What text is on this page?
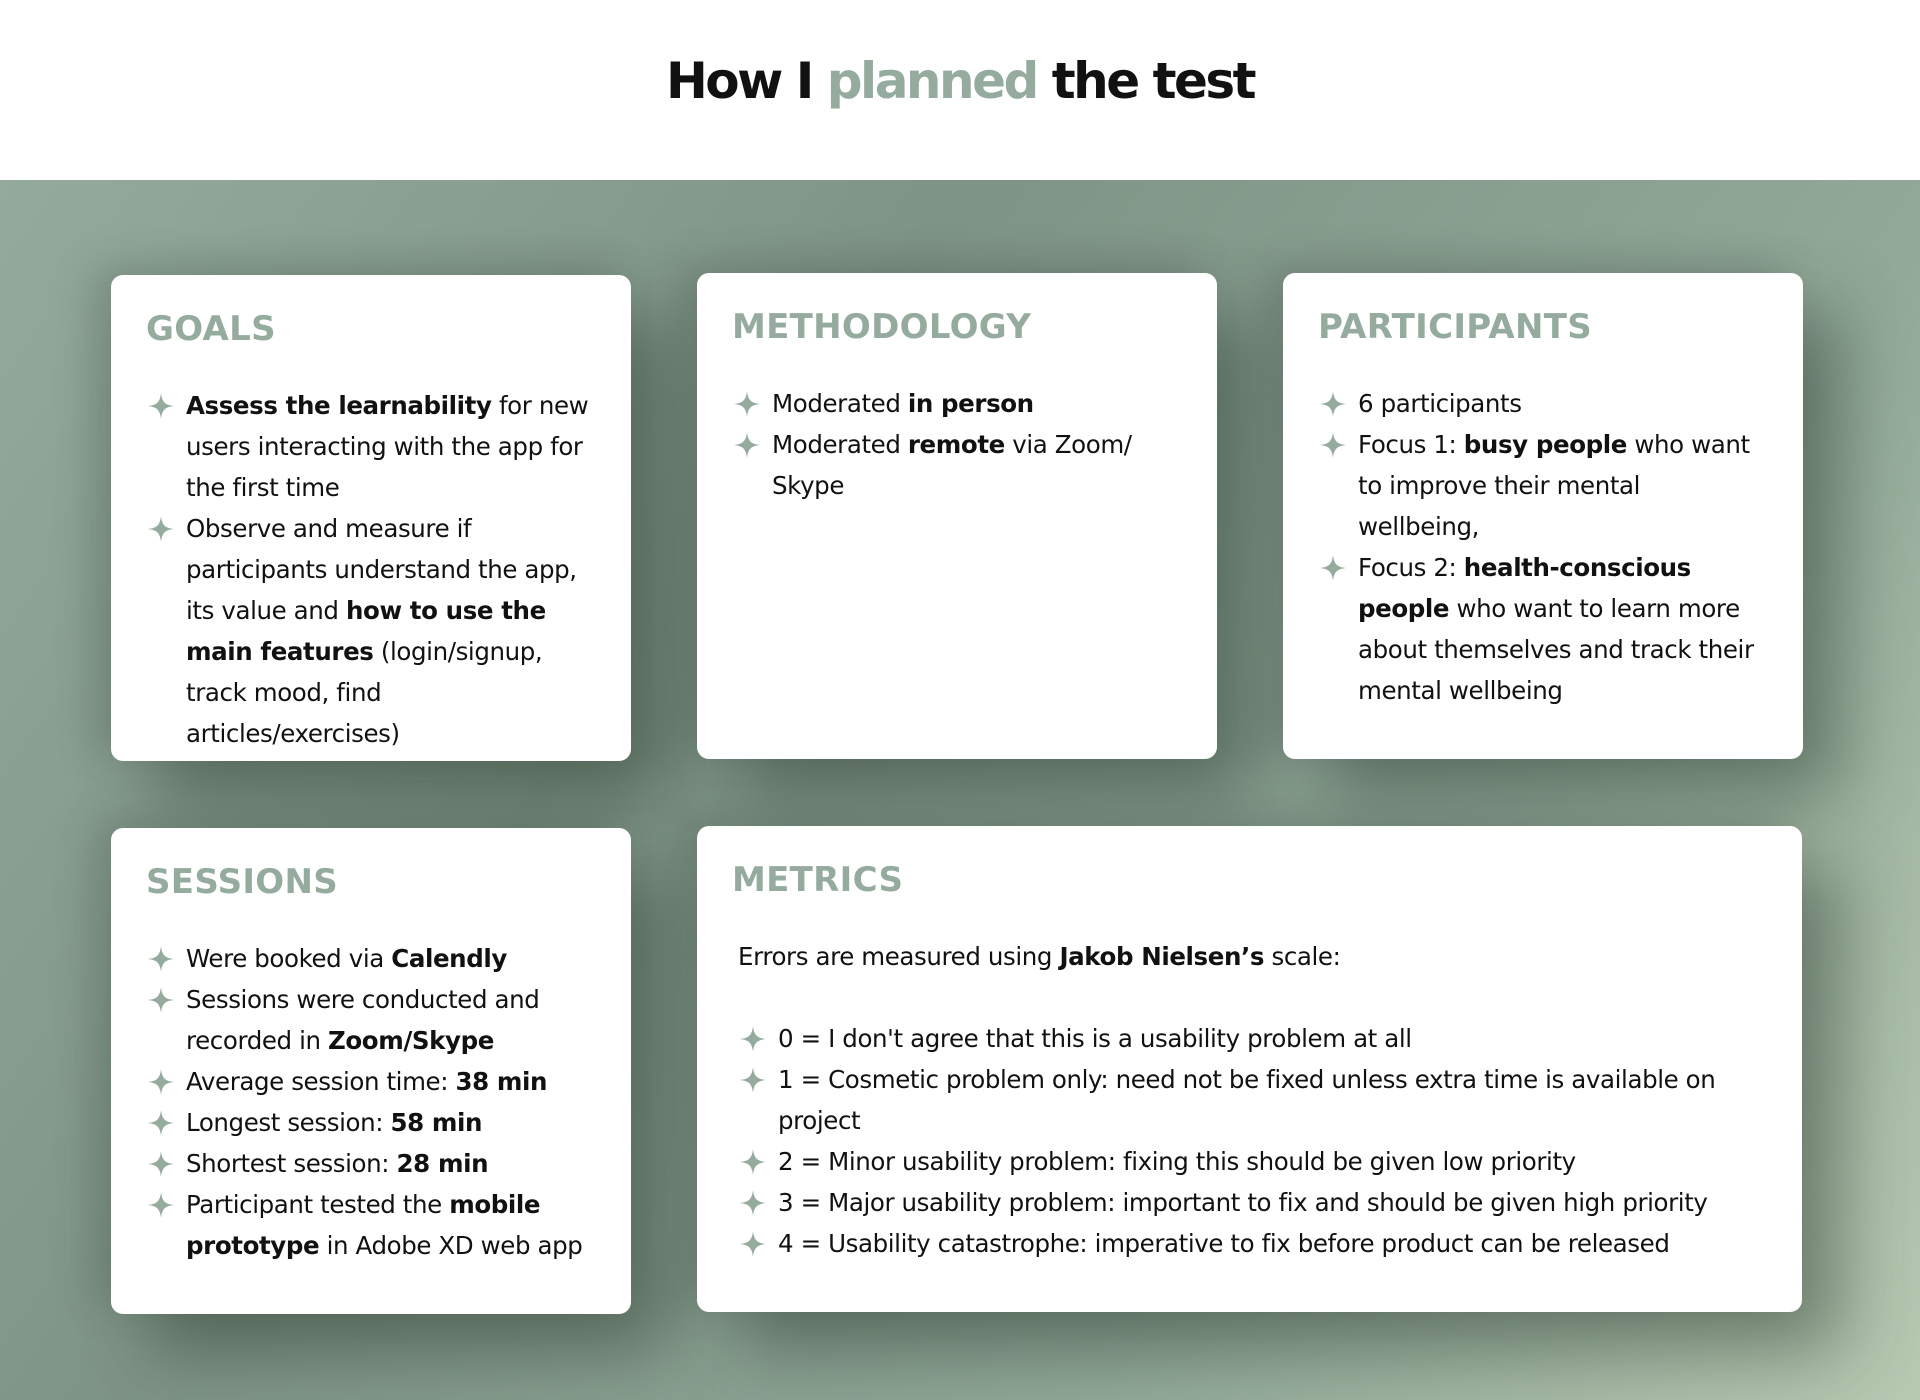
How I planned the test
GOALS
Assess the learnability for new users interacting with the app for the first time
Observe and measure if participants understand the app, its value and how to use the main features (login/signup, track mood, find articles/exercises)
METHODOLOGY
Moderated in person
Moderated remote via Zoom/ Skype
PARTICIPANTS
6 participants
Focus 1: busy people who want to improve their mental wellbeing,
Focus 2: health-conscious people who want to learn more about themselves and track their mental wellbeing
SESSIONS
Were booked via Calendly
Sessions were conducted and recorded in Zoom/Skype
Average session time: 38 min
Longest session: 58 min
Shortest session: 28 min
Participant tested the mobile prototype in Adobe XD web app
METRICS

Errors are measured using Jakob Nielsen’s scale:

0 = I don't agree that this is a usability problem at all
1 = Cosmetic problem only: need not be fixed unless extra time is available on project
2 = Minor usability problem: fixing this should be given low priority
3 = Major usability problem: important to fix and should be given high priority
4 = Usability catastrophe: imperative to fix before product can be released
